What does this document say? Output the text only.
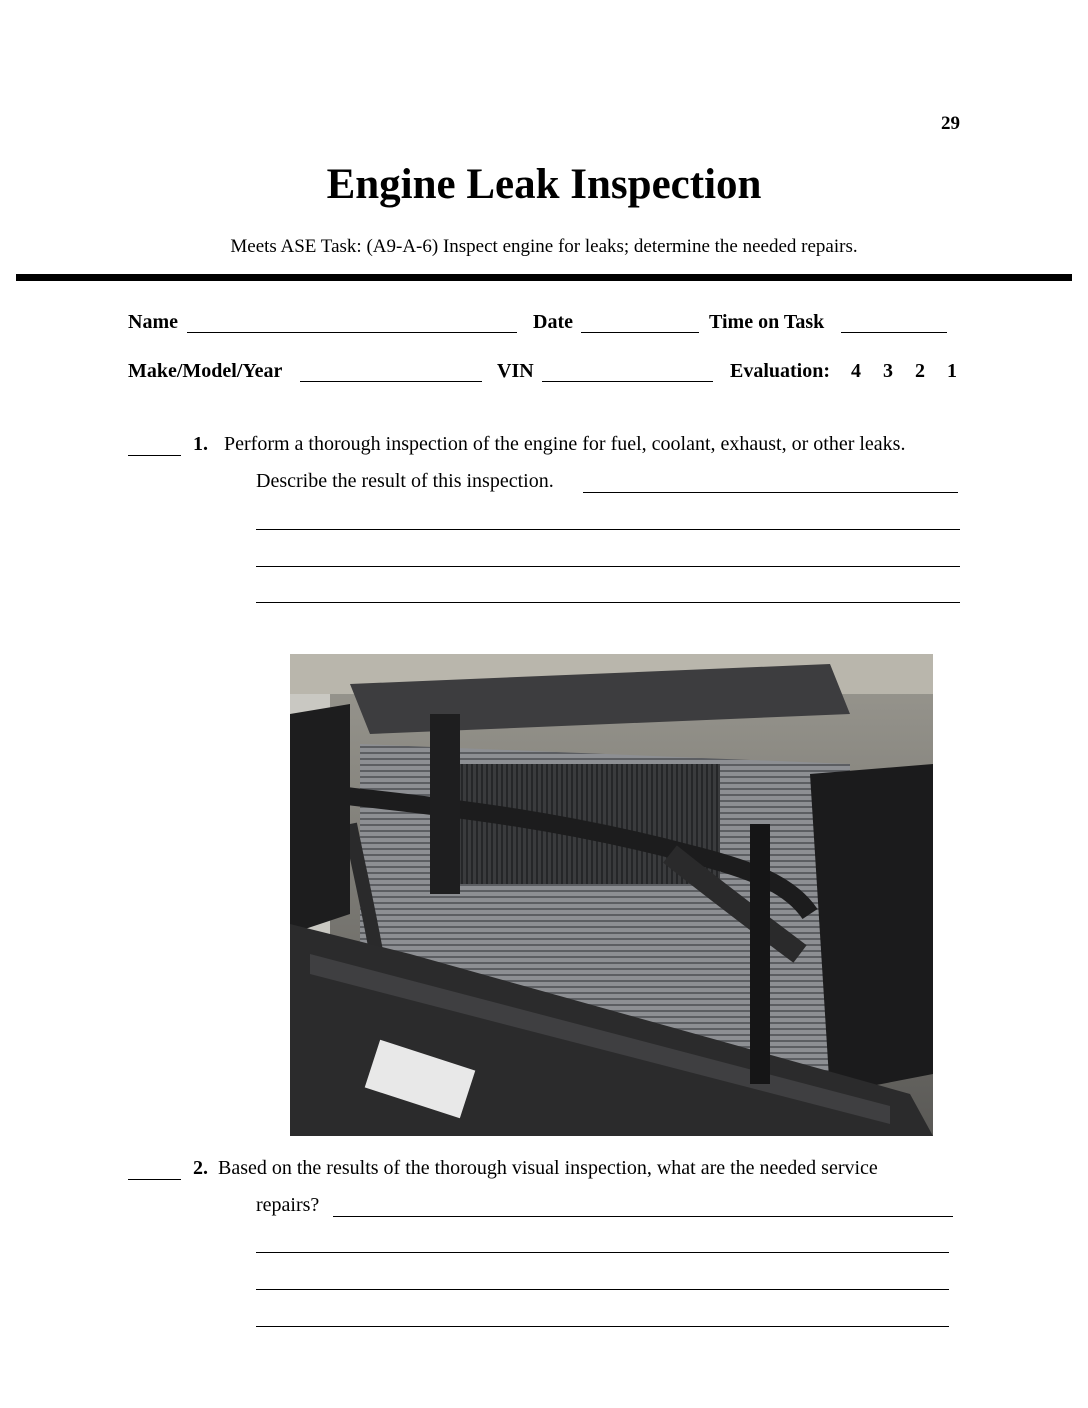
29
Engine Leak Inspection
Meets ASE Task: (A9-A-6) Inspect engine for leaks; determine the needed repairs.
Name	Date	Time on Task
Make/Model/Year	VIN	Evaluation: 4 3 2 1
1. Perform a thorough inspection of the engine for fuel, coolant, exhaust, or other leaks.
Describe the result of this inspection.
2. Based on the results of the thorough visual inspection, what are the needed service
repairs?
